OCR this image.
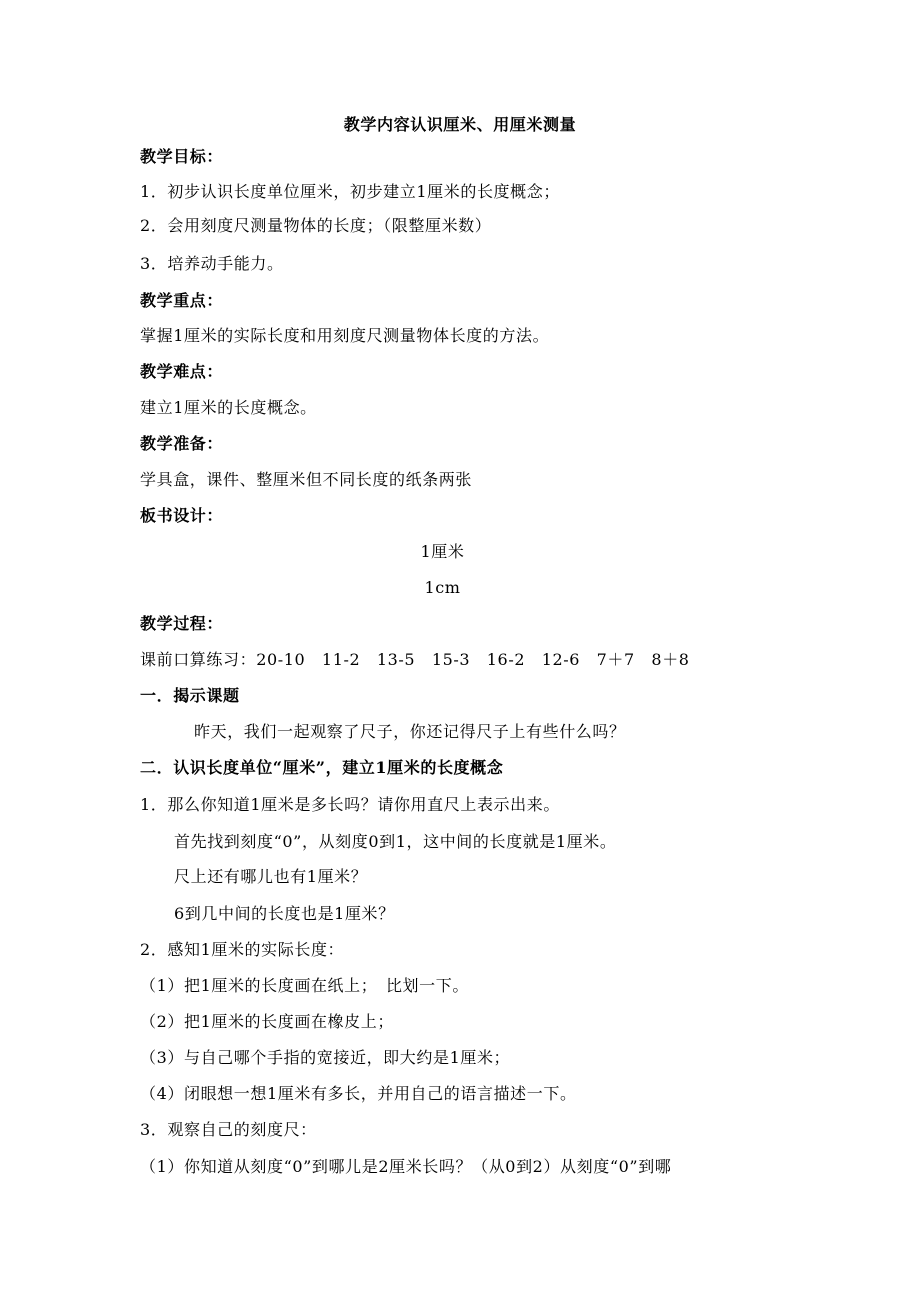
教学内容认识厘米、用厘米测量
教学目标：
1．初步认识长度单位厘米，初步建立1厘米的长度概念；
2．会用刻度尺测量物体的长度；（限整厘米数）
3．培养动手能力。
教学重点：
掌握1厘米的实际长度和用刻度尺测量物体长度的方法。
教学难点：
建立1厘米的长度概念。
教学准备：
学具盒，课件、整厘米但不同长度的纸条两张
板书设计：
1厘米
1cm
教学过程：
课前口算练习：20-10　11-2　13-5　15-3　16-2　12-6　7＋7　8＋8
一．揭示课题
昨天，我们一起观察了尺子，你还记得尺子上有些什么吗？
二．认识长度单位“厘米”，建立1厘米的长度概念
1．那么你知道1厘米是多长吗？请你用直尺上表示出来。
首先找到刻度“0”，从刻度0到1，这中间的长度就是1厘米。
尺上还有哪儿也有1厘米？
6到几中间的长度也是1厘米？
2．感知1厘米的实际长度：
（1）把1厘米的长度画在纸上；　比划一下。
（2）把1厘米的长度画在橡皮上；
（3）与自己哪个手指的宽接近，即大约是1厘米；
（4）闭眼想一想1厘米有多长，并用自己的语言描述一下。
3．观察自己的刻度尺：
（1）你知道从刻度“0”到哪儿是2厘米长吗？（从0到2）从刻度“0”到哪
